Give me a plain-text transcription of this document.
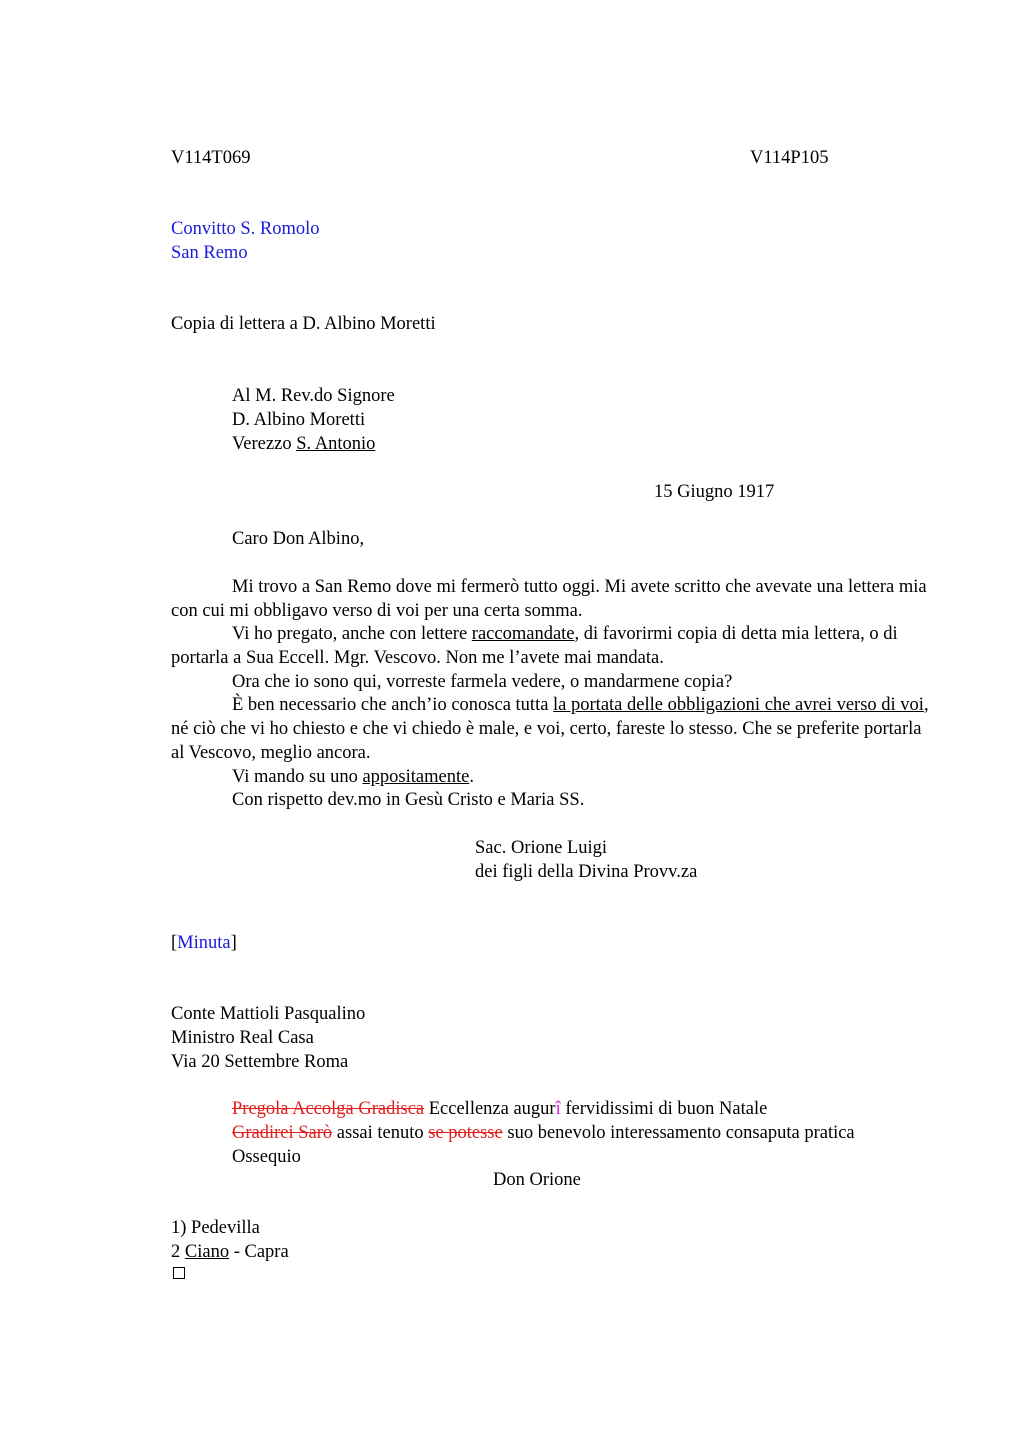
V114T069	V114P105
Convitto S. Romolo
San Remo
Copia di lettera a D. Albino Moretti
Al M. Rev.do Signore
D. Albino Moretti
Verezzo S. Antonio
15 Giugno 1917
Caro Don Albino,
Mi trovo a San Remo dove mi fermerò tutto oggi. Mi avete scritto che avevate una lettera mia con cui mi obbligavo verso di voi per una certa somma.
Vi ho pregato, anche con lettere raccomandate, di favorirmi copia di detta mia lettera, o di portarla a Sua Eccell. Mgr. Vescovo. Non me l’avete mai mandata.
Ora che io sono qui, vorreste farmela vedere, o mandarmene copia?
È ben necessario che anch’io conosca tutta la portata delle obbligazioni che avrei verso di voi, né ciò che vi ho chiesto e che vi chiedo è male, e voi, certo, fareste lo stesso. Che se preferite portarla al Vescovo, meglio ancora.
Vi mando su uno appositamente.
Con rispetto dev.mo in Gesù Cristo e Maria SS.
Sac. Orione Luigi
dei figli della Divina Provv.za
[Minuta]
Conte Mattioli Pasqualino
Ministro Real Casa
Via 20 Settembre Roma
Pregola Accolga Gradisca Eccellenza augurî fervidissimi di buon Natale
Gradirei Sarò assai tenuto se potesse suo benevolo interessamento consaputa pratica
Ossequio
Don Orione
1) Pedevilla
2 Ciano - Capra
